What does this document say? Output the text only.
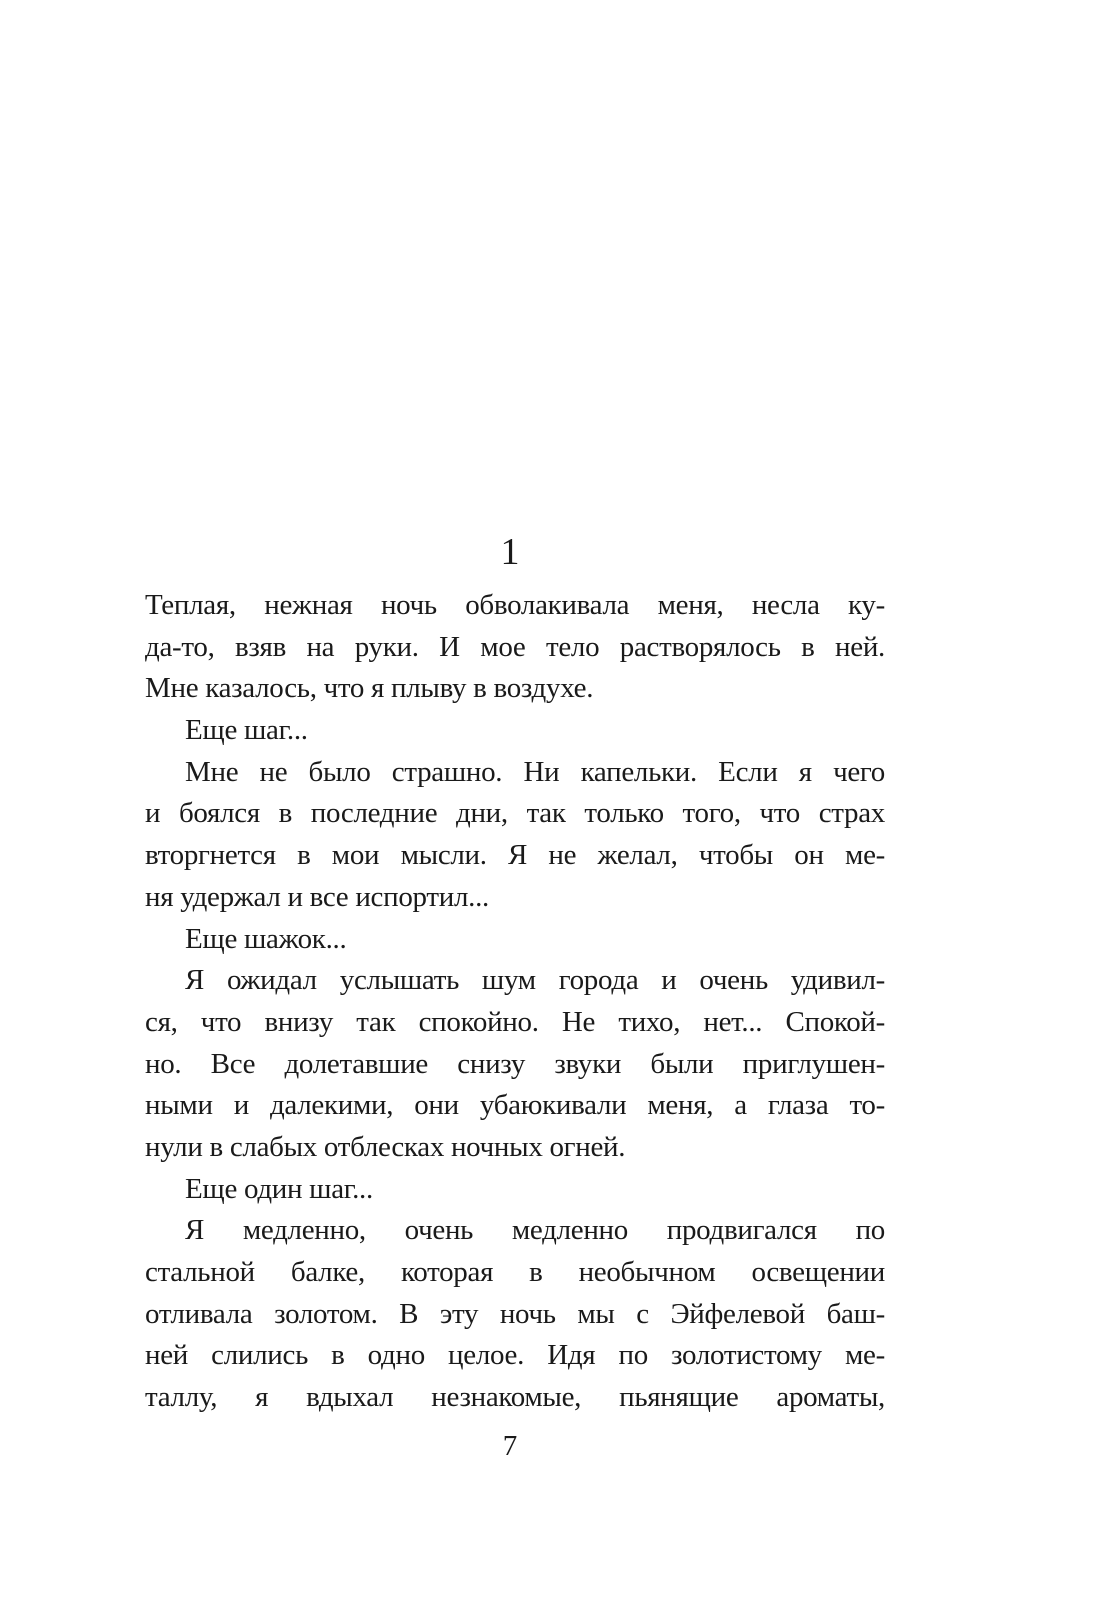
1
Теплая, нежная ночь обволакивала меня, несла ку-
да-то, взяв на руки. И мое тело растворялось в ней.
Мне казалось, что я плыву в воздухе.
Еще шаг...
Мне не было страшно. Ни капельки. Если я чего
и боялся в последние дни, так только того, что страх
вторгнется в мои мысли. Я не желал, чтобы он ме-
ня удержал и все испортил...
Еще шажок...
Я ожидал услышать шум города и очень удивил-
ся, что внизу так спокойно. Не тихо, нет... Спокой-
но. Все долетавшие снизу звуки были приглушен-
ными и далекими, они убаюкивали меня, а глаза то-
нули в слабых отблесках ночных огней.
Еще один шаг...
Я медленно, очень медленно продвигался по
стальной балке, которая в необычном освещении
отливала золотом. В эту ночь мы с Эйфелевой баш-
ней слились в одно целое. Идя по золотистому ме-
таллу, я вдыхал незнакомые, пьянящие ароматы,
7
